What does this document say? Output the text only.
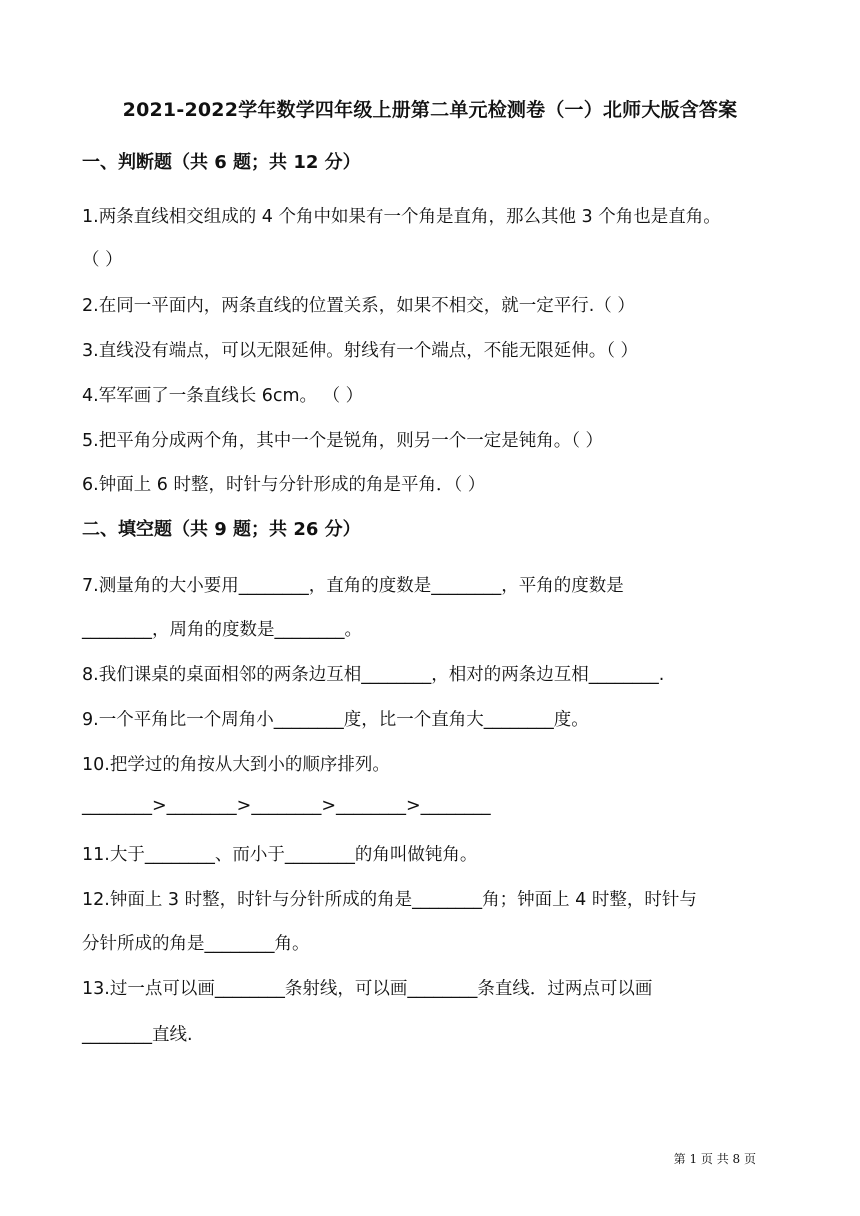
2021-2022学年数学四年级上册第二单元检测卷（一）北师大版含答案
一、判断题（共 6 题；共 12 分）
1.两条直线相交组成的 4 个角中如果有一个角是直角，那么其他 3 个角也是直角。
（ ）
2.在同一平面内，两条直线的位置关系，如果不相交，就一定平行.（ ）
3.直线没有端点，可以无限延伸。射线有一个端点，不能无限延伸。（ ）
4.军军画了一条直线长 6cm。 （ ）
5.把平角分成两个角，其中一个是锐角，则另一个一定是钝角。（ ）
6.钟面上 6 时整，时针与分针形成的角是平角．（ ）
二、填空题（共 9 题；共 26 分）
7.测量角的大小要用________，直角的度数是________，平角的度数是
________，周角的度数是________。
8.我们课桌的桌面相邻的两条边互相________，相对的两条边互相________.
9.一个平角比一个周角小________度，比一个直角大________度。
10.把学过的角按从大到小的顺序排列。
________>________>________>________>________
11.大于________、而小于________的角叫做钝角。
12.钟面上 3 时整，时针与分针所成的角是________角；钟面上 4 时整，时针与
分针所成的角是________角。
13.过一点可以画________条射线，可以画________条直线．过两点可以画
________直线.
第 1 页 共 8 页
